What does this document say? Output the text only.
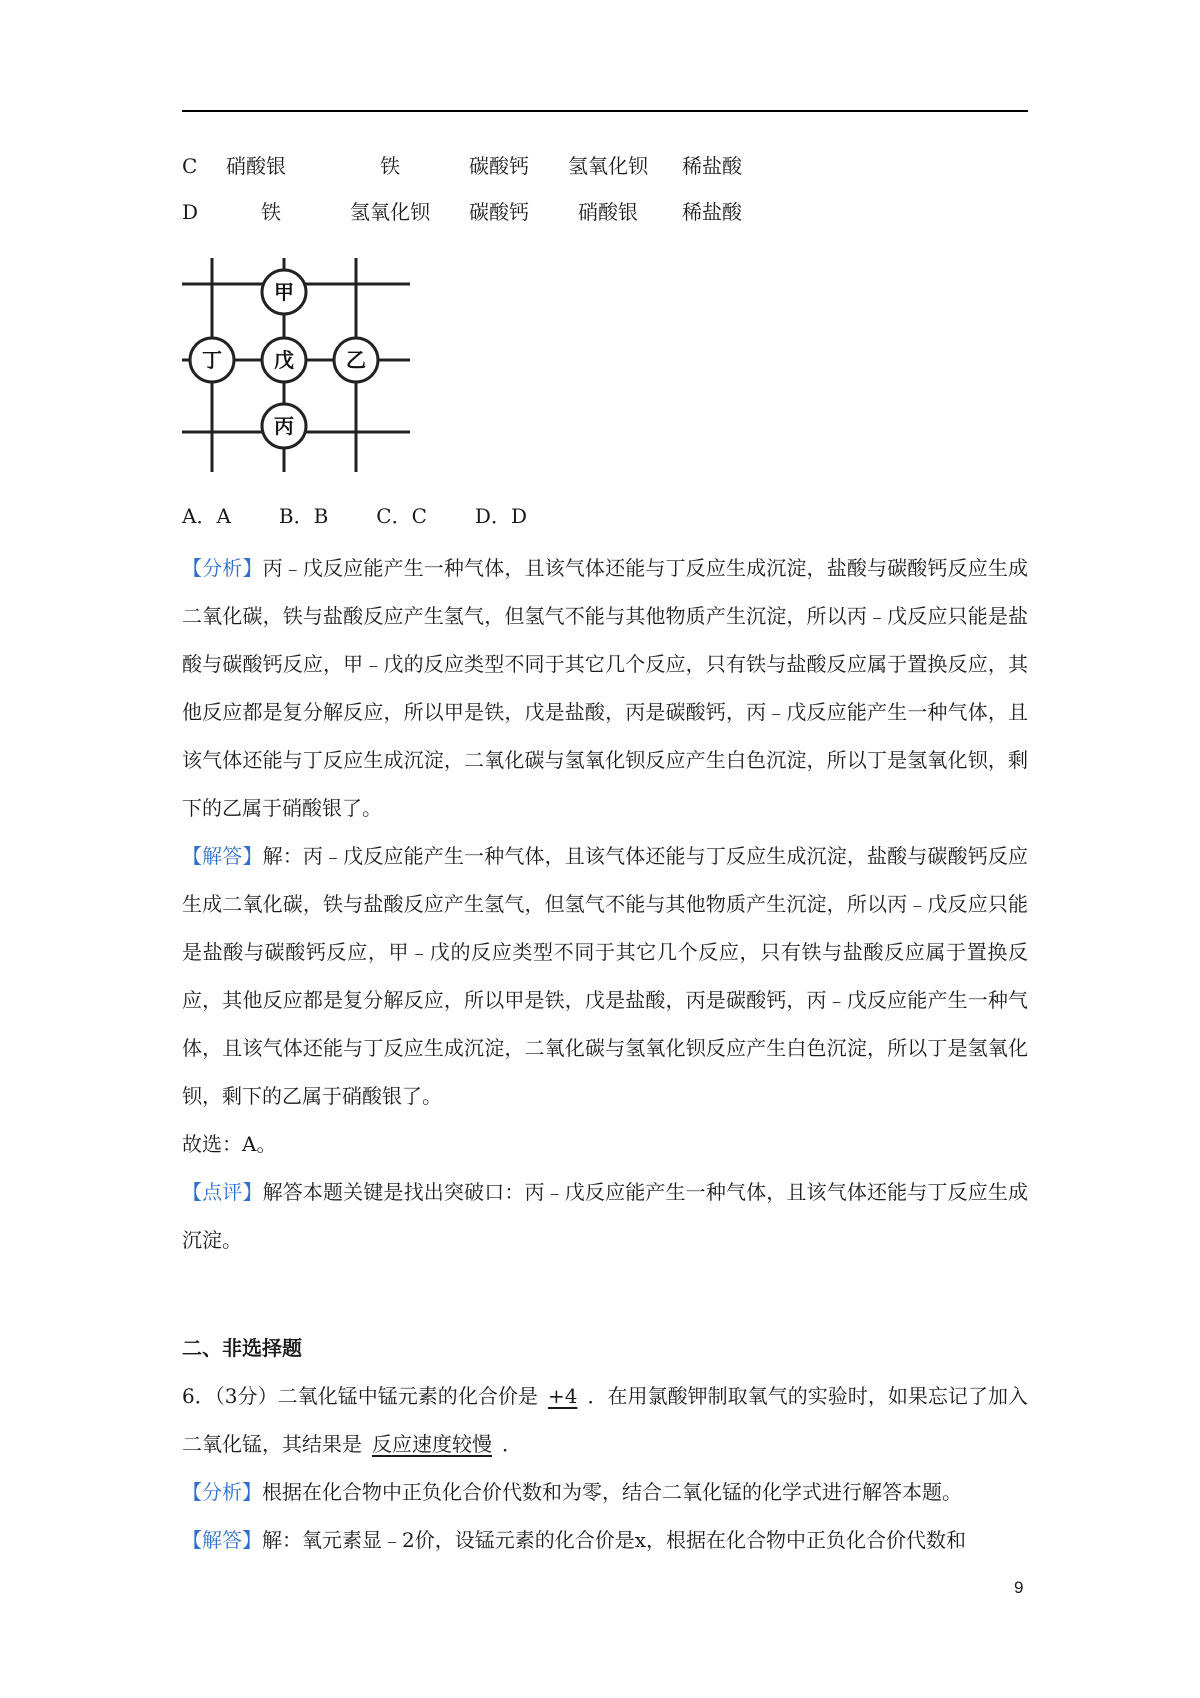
C	硝酸银	铁	碳酸钙	氢氧化钡	稀盐酸
D	铁	氢氧化钡	碳酸钙	硝酸银	稀盐酸
甲
丁	戊	乙
丙
A．A B．B C．C D．D

【分析】丙﹣戊反应能产生一种气体，且该气体还能与丁反应生成沉淀，盐酸与碳酸钙反应生成二氧化碳，铁与盐酸反应产生氢气，但氢气不能与其他物质产生沉淀，所以丙﹣戊反应只能是盐酸与碳酸钙反应，甲﹣戊的反应类型不同于其它几个反应，只有铁与盐酸反应属于置换反应，其他反应都是复分解反应，所以甲是铁，戊是盐酸，丙是碳酸钙，丙﹣戊反应能产生一种气体，且该气体还能与丁反应生成沉淀，二氧化碳与氢氧化钡反应产生白色沉淀，所以丁是氢氧化钡，剩下的乙属于硝酸银了。

【解答】解：丙﹣戊反应能产生一种气体，且该气体还能与丁反应生成沉淀，盐酸与碳酸钙反应生成二氧化碳，铁与盐酸反应产生氢气，但氢气不能与其他物质产生沉淀，所以丙﹣戊反应只能是盐酸与碳酸钙反应，甲﹣戊的反应类型不同于其它几个反应，只有铁与盐酸反应属于置换反应，其他反应都是复分解反应，所以甲是铁，戊是盐酸，丙是碳酸钙，丙﹣戊反应能产生一种气体，且该气体还能与丁反应生成沉淀，二氧化碳与氢氧化钡反应产生白色沉淀，所以丁是氢氧化钡，剩下的乙属于硝酸银了。

故选：A。

【点评】解答本题关键是找出突破口：丙﹣戊反应能产生一种气体，且该气体还能与丁反应生成沉淀。

二、非选择题

6．（3分）二氧化锰中锰元素的化合价是 +4 ．在用氯酸钾制取氧气的实验时，如果忘记了加入二氧化锰，其结果是 反应速度较慢 ．

【分析】根据在化合物中正负化合价代数和为零，结合二氧化锰的化学式进行解答本题。

【解答】解：氧元素显﹣2价，设锰元素的化合价是x，根据在化合物中正负化合价代数和

9
